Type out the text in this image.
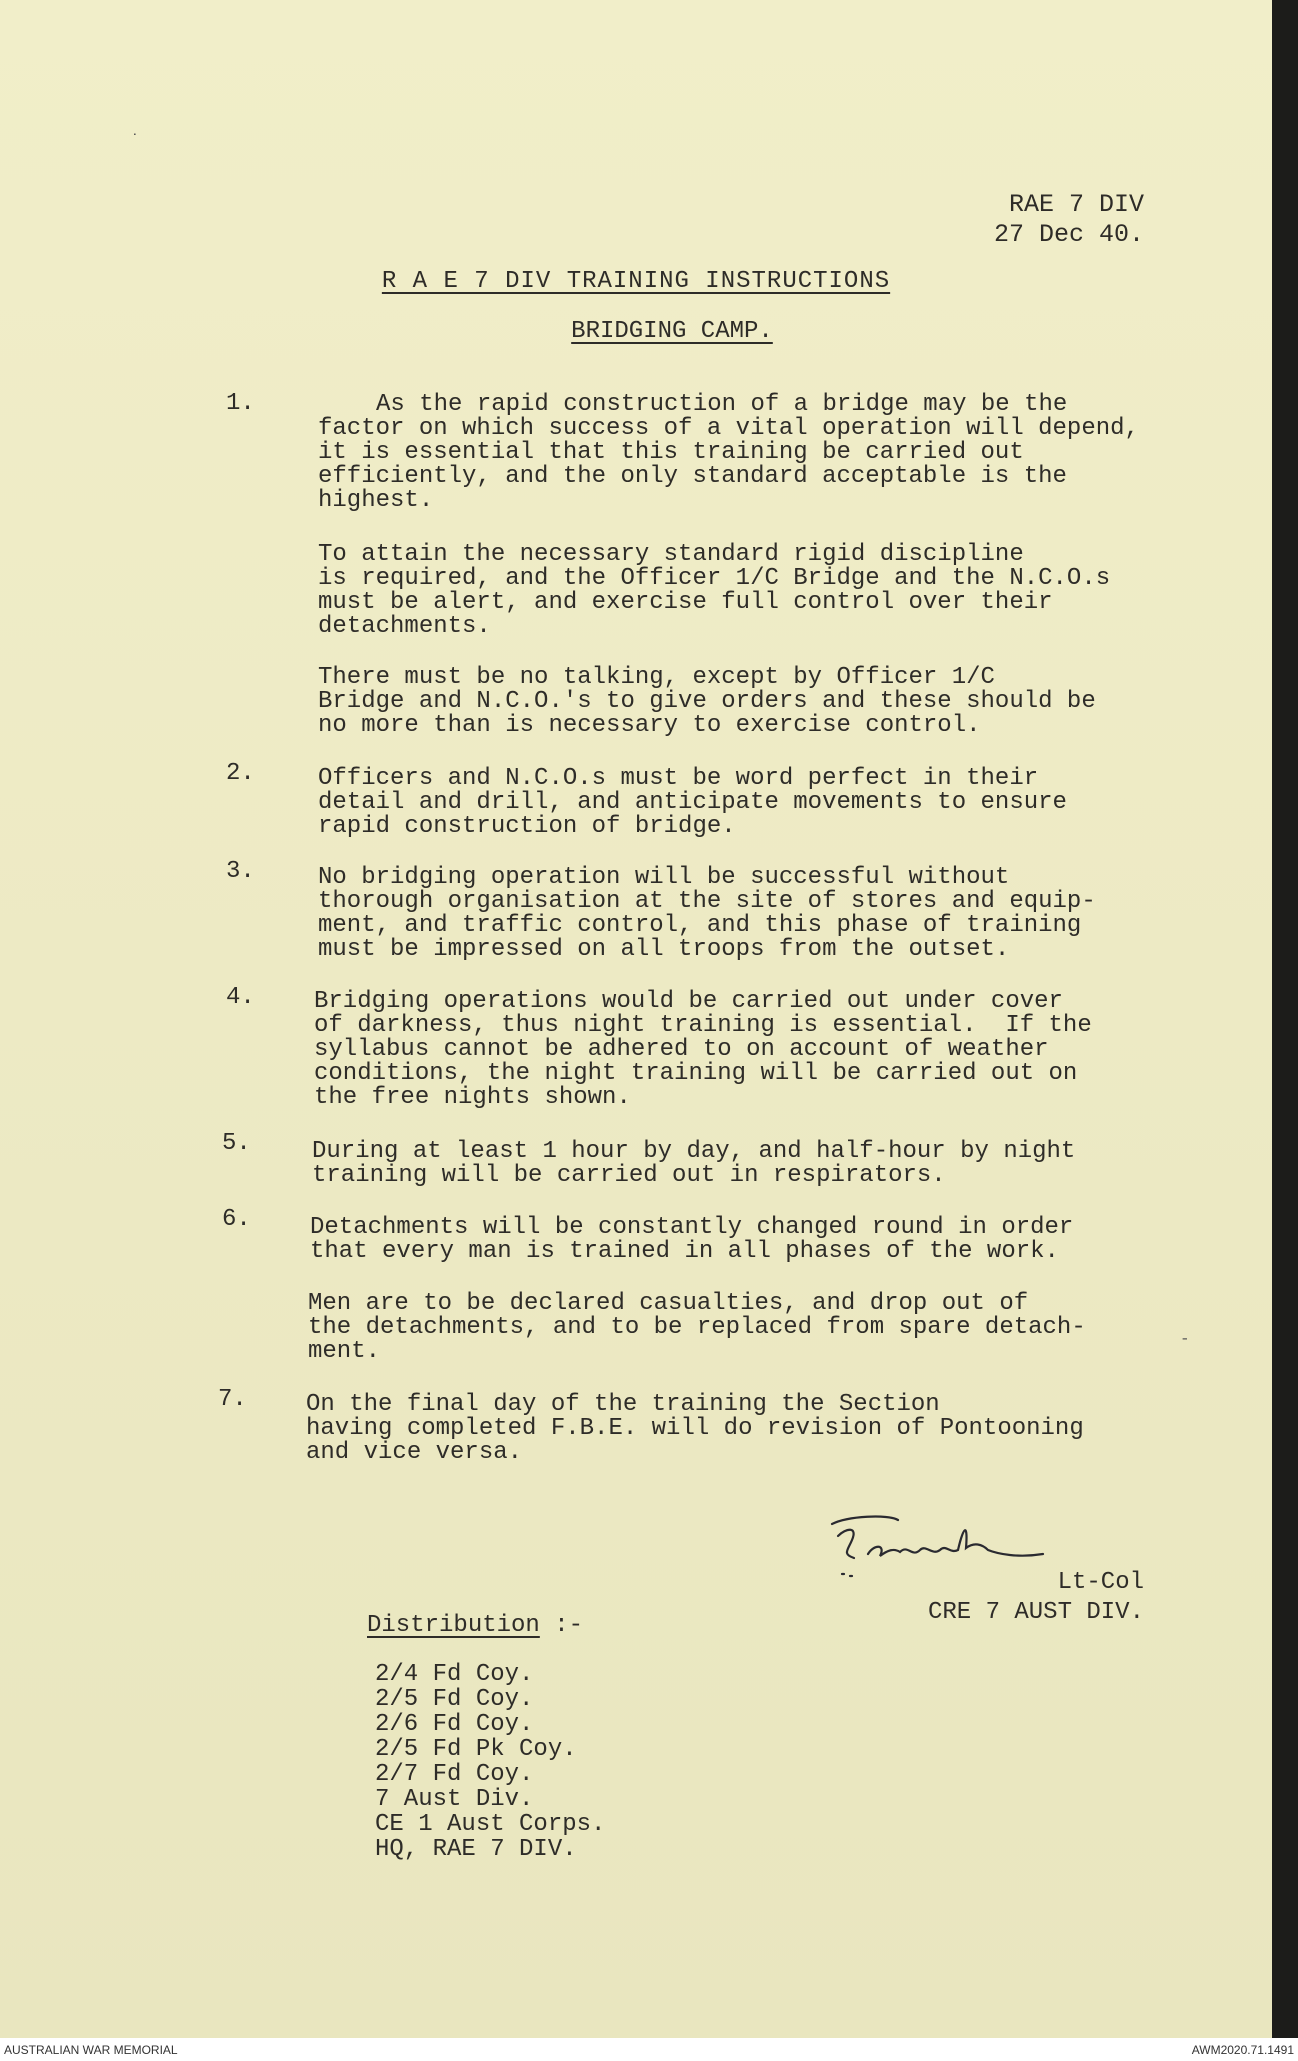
RAE 7 DIV
27 Dec 40.
R A E 7 DIV TRAINING INSTRUCTIONS
BRIDGING CAMP.
1.	As the rapid construction of a bridge may be the
factor on which success of a vital operation will depend,
it is essential that this training be carried out
efficiently, and the only standard acceptable is the
highest.
To attain the necessary standard rigid discipline
is required, and the Officer 1/C Bridge and the N.C.O.s
must be alert, and exercise full control over their
detachments.
There must be no talking, except by Officer 1/C
Bridge and N.C.O.'s to give orders and these should be
no more than is necessary to exercise control.
2.	Officers and N.C.O.s must be word perfect in their
detail and drill, and anticipate movements to ensure
rapid construction of bridge.
3.	No bridging operation will be successful without
thorough organisation at the site of stores and equip-
ment, and traffic control, and this phase of training
must be impressed on all troops from the outset.
4. Bridging operations would be carried out under cover
of darkness, thus night training is essential.  If the
syllabus cannot be adhered to on account of weather
conditions, the night training will be carried out on
the free nights shown.
5.	During at least 1 hour by day, and half-hour by night
training will be carried out in respirators.
6. Detachments will be constantly changed round in order
that every man is trained in all phases of the work.
Men are to be declared casualties, and drop out of
the detachments, and to be replaced from spare detach-
ment.
7. On the final day of the training the Section
having completed F.B.E. will do revision of Pontooning
and vice versa.
Lt-Col
CRE 7 AUST DIV.
Distribution :-
2/4 Fd Coy.
2/5 Fd Coy.
2/6 Fd Coy.
2/5 Fd Pk Coy.
2/7 Fd Coy.
7 Aust Div.
CE 1 Aust Corps.
HQ, RAE 7 DIV.
˙
-
AUSTRALIAN WAR MEMORIAL	AWM2020.71.1491
